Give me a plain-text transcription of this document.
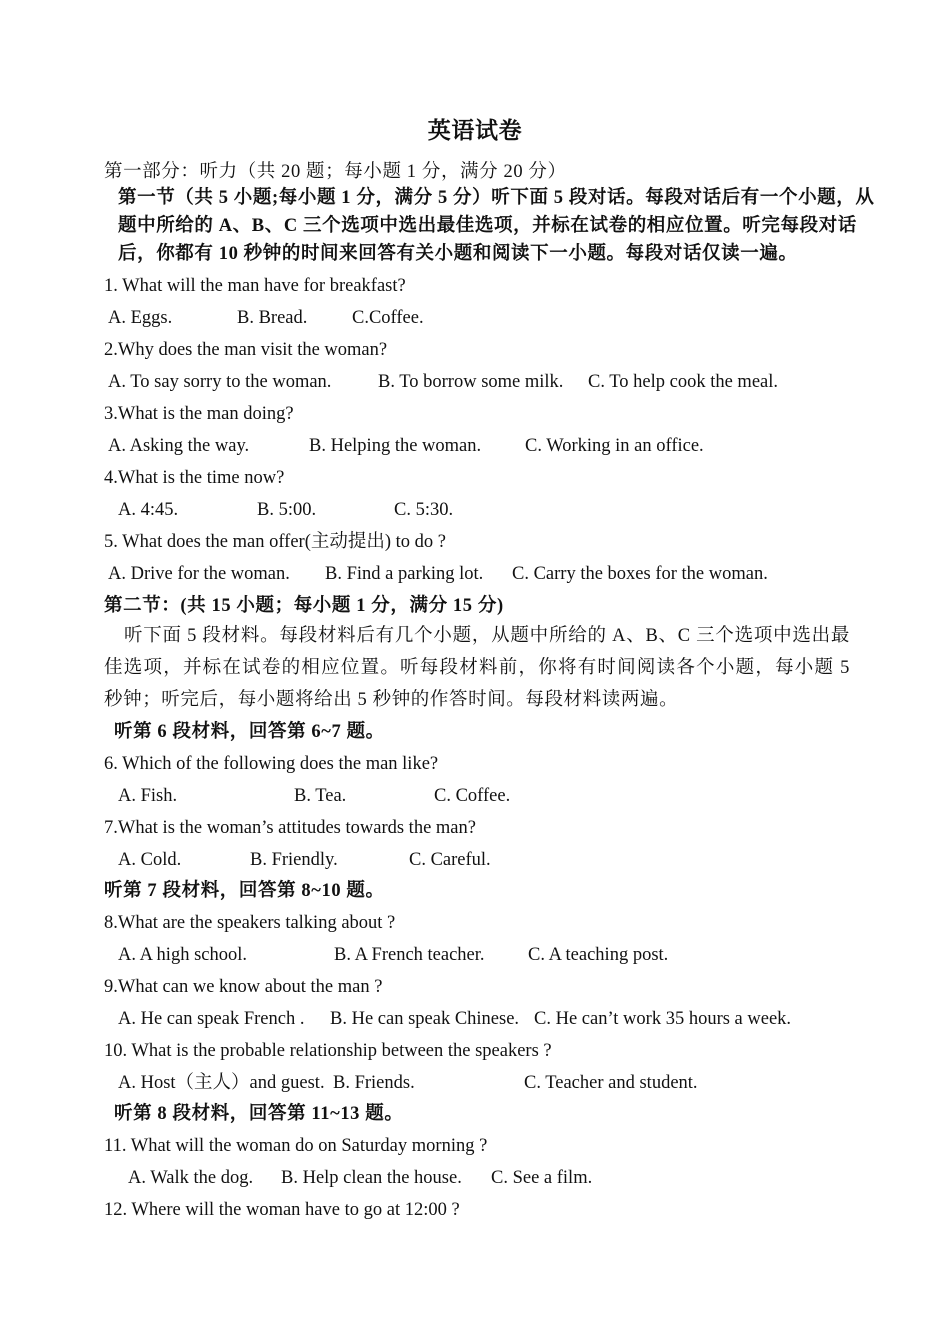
英语试卷
第一部分：听力（共 20 题；每小题 1 分，满分 20 分）
第一节（共 5 小题;每小题 1 分，满分 5 分）听下面 5 段对话。每段对话后有一个小题，从
题中所给的 A、B、C 三个选项中选出最佳选项，并标在试卷的相应位置。听完每段对话
后，你都有 10 秒钟的时间来回答有关小题和阅读下一小题。每段对话仅读一遍。
1. What will the man have for breakfast?
A. Eggs.	B. Bread. C.Coffee.
2.Why does the man visit the woman?
A. To say sorry to the woman.	B. To borrow some milk. C. To help cook the meal.
3.What is the man doing?
A. Asking the way.	B. Helping the woman. C. Working in an office.
4.What is the time now?
A. 4:45.	B. 5:00.	C. 5:30.
5. What does the man offer(主动提出) to do ?
A. Drive for the woman. B. Find a parking lot. C. Carry the boxes for the woman.
第二节：(共 15 小题；每小题 1 分，满分 15 分)
听下面 5 段材料。每段材料后有几个小题，从题中所给的 A、B、C 三个选项中选出最佳选项，并标在试卷的相应位置。听每段材料前，你将有时间阅读各个小题，每小题 5 秒钟；听完后，每小题将给出 5 秒钟的作答时间。每段材料读两遍。
听第 6 段材料，回答第 6~7 题。
6. Which of the following does the man like?
A. Fish.	B. Tea.	C. Coffee.
7.What is the woman’s attitudes towards the man?
A. Cold.	B. Friendly.	C. Careful.
听第 7 段材料，回答第 8~10 题。
8.What are the speakers talking about ?
A. A high school.	B. A French teacher. C. A teaching post.
9.What can we know about the man ?
A. He can speak French . B. He can speak Chinese. C. He can’t work 35 hours a week.
10. What is the probable relationship between the speakers ?
A. Host（主人）and guest. B. Friends.	C. Teacher and student.
听第 8 段材料，回答第 11~13 题。
11. What will the woman do on Saturday morning ?
A. Walk the dog. B. Help clean the house. C. See a film.
12. Where will the woman have to go at 12:00 ?
